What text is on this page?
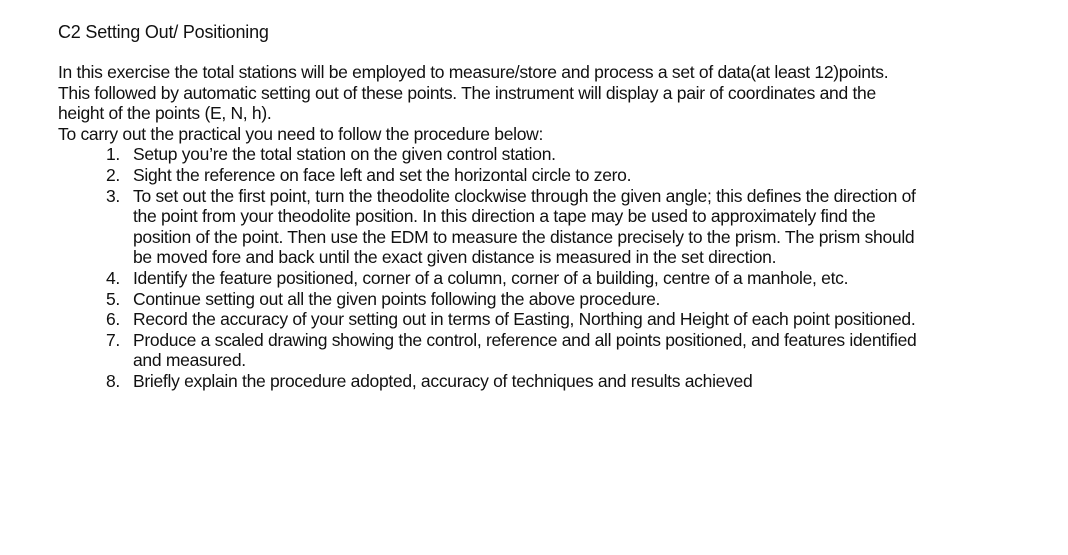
C2 Setting Out/ Positioning

In this exercise the total stations will be employed to measure/store and process a set of data(at least 12)points. This followed by automatic setting out of these points. The instrument will display a pair of coordinates and the height of the points (E, N, h).

To carry out the practical you need to follow the procedure below:

1. Setup you’re the total station on the given control station.
2. Sight the reference on face left and set the horizontal circle to zero.
3. To set out the first point, turn the theodolite clockwise through the given angle; this defines the direction of the point from your theodolite position. In this direction a tape may be used to approximately find the position of the point. Then use the EDM to measure the distance precisely to the prism. The prism should be moved fore and back until the exact given distance is measured in the set direction.
4. Identify the feature positioned, corner of a column, corner of a building, centre of a manhole, etc.
5. Continue setting out all the given points following the above procedure.
6. Record the accuracy of your setting out in terms of Easting, Northing and Height of each point positioned.
7. Produce a scaled drawing showing the control, reference and all points positioned, and features identified and measured.
8. Briefly explain the procedure adopted, accuracy of techniques and results achieved
